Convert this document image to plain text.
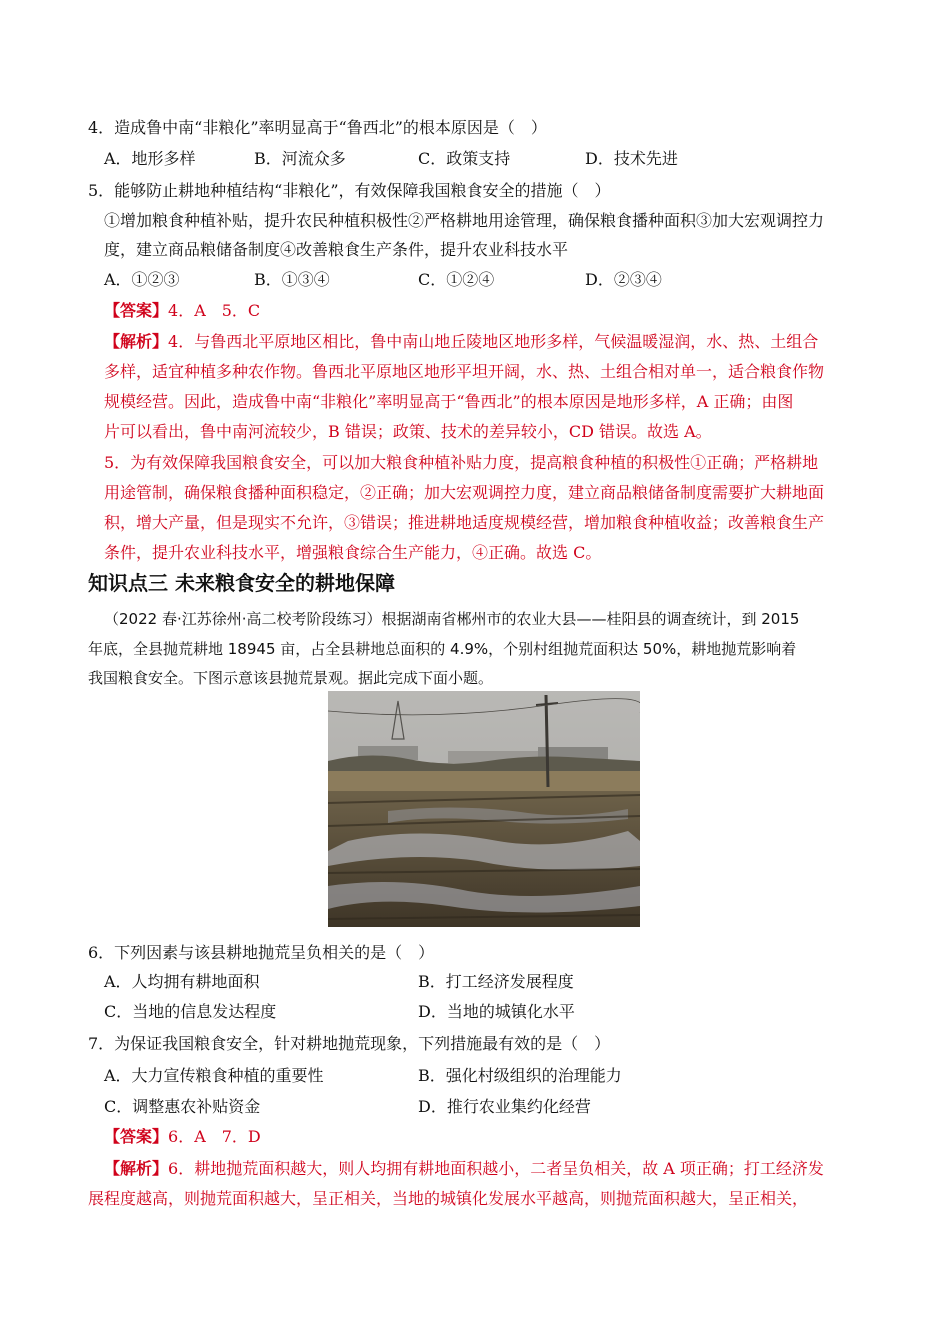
4．造成鲁中南“非粮化”率明显高于“鲁西北”的根本原因是（　）
A．地形多样	B．河流众多	C．政策支持	D．技术先进
5．能够防止耕地种植结构“非粮化”，有效保障我国粮食安全的措施（　）
①增加粮食种植补贴，提升农民种植积极性②严格耕地用途管理，确保粮食播种面积③加大宏观调控力
度，建立商品粮储备制度④改善粮食生产条件，提升农业科技水平
A．①②③	B．①③④	C．①②④	D．②③④
【答案】4．A　5．C
【解析】4．与鲁西北平原地区相比，鲁中南山地丘陵地区地形多样，气候温暖湿润，水、热、土组合
多样，适宜种植多种农作物。鲁西北平原地区地形平坦开阔，水、热、土组合相对单一，适合粮食作物
规模经营。因此，造成鲁中南“非粮化”率明显高于“鲁西北”的根本原因是地形多样，A 正确；由图
片可以看出，鲁中南河流较少，B 错误；政策、技术的差异较小，CD 错误。故选 A。
5．为有效保障我国粮食安全，可以加大粮食种植补贴力度，提高粮食种植的积极性①正确；严格耕地
用途管制，确保粮食播种面积稳定，②正确；加大宏观调控力度，建立商品粮储备制度需要扩大耕地面
积，增大产量，但是现实不允许，③错误；推进耕地适度规模经营，增加粮食种植收益；改善粮食生产
条件，提升农业科技水平，增强粮食综合生产能力，④正确。故选 C。
知识点三 未来粮食安全的耕地保障
（2022 春·江苏徐州·高二校考阶段练习）根据湖南省郴州市的农业大县——桂阳县的调查统计，到 2015
年底，全县抛荒耕地 18945 亩，占全县耕地总面积的 4.9%，个别村组抛荒面积达 50%，耕地抛荒影响着
我国粮食安全。下图示意该县抛荒景观。据此完成下面小题。
6．下列因素与该县耕地抛荒呈负相关的是（　）
A．人均拥有耕地面积	B．打工经济发展程度
C．当地的信息发达程度	D．当地的城镇化水平
7．为保证我国粮食安全，针对耕地抛荒现象，下列措施最有效的是（　）
A．大力宣传粮食种植的重要性	B．强化村级组织的治理能力
C．调整惠农补贴资金	D．推行农业集约化经营
【答案】6．A　7．D
【解析】6．耕地抛荒面积越大，则人均拥有耕地面积越小，二者呈负相关，故 A 项正确；打工经济发
展程度越高，则抛荒面积越大，呈正相关，当地的城镇化发展水平越高，则抛荒面积越大，呈正相关，
